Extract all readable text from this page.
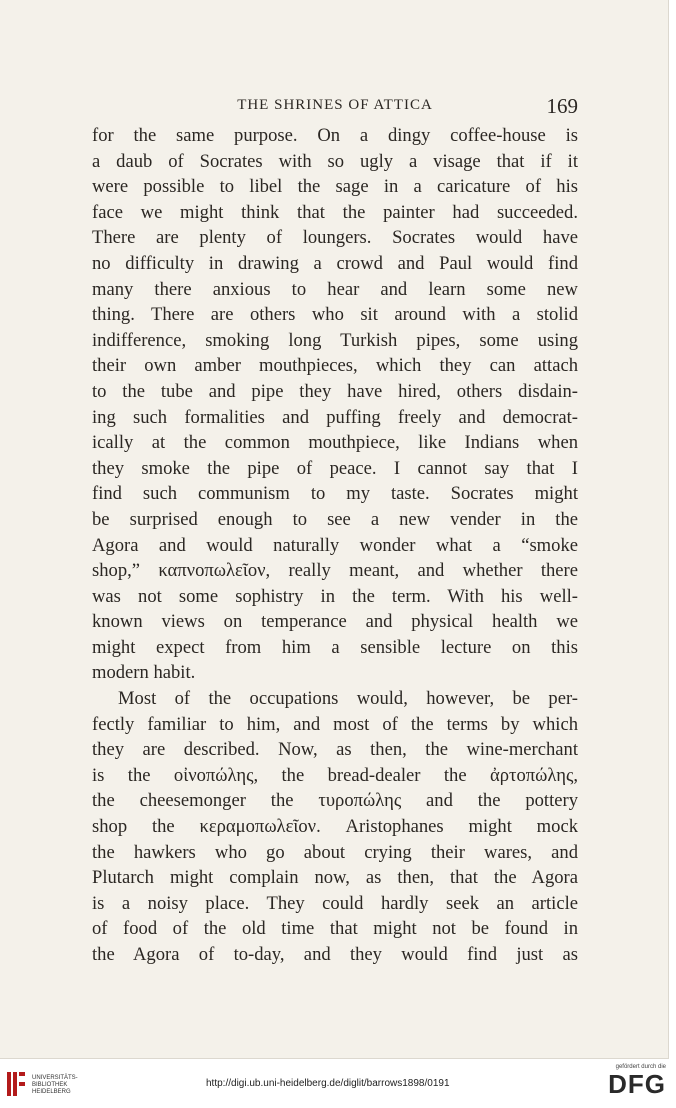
THE SHRINES OF ATTICA	169
for the same purpose. On a dingy coffee-house is
a daub of Socrates with so ugly a visage that if it
were possible to libel the sage in a caricature of his
face we might think that the painter had succeeded.
There are plenty of loungers. Socrates would have
no difficulty in drawing a crowd and Paul would find
many there anxious to hear and learn some new
thing. There are others who sit around with a stolid
indifference, smoking long Turkish pipes, some using
their own amber mouthpieces, which they can attach
to the tube and pipe they have hired, others disdain-
ing such formalities and puffing freely and democrat-
ically at the common mouthpiece, like Indians when
they smoke the pipe of peace. I cannot say that I
find such communism to my taste. Socrates might
be surprised enough to see a new vender in the
Agora and would naturally wonder what a “smoke
shop,” καπνοπωλεῖον, really meant, and whether there
was not some sophistry in the term. With his well-
known views on temperance and physical health we
might expect from him a sensible lecture on this
modern habit.
Most of the occupations would, however, be per-
fectly familiar to him, and most of the terms by which
they are described. Now, as then, the wine-merchant
is the οἰνοπώλης, the bread-dealer the ἀρτοπώλης,
the cheesemonger the τυροπώλης and the pottery
shop the κεραμοπωλεῖον. Aristophanes might mock
the hawkers who go about crying their wares, and
Plutarch might complain now, as then, that the Agora
is a noisy place. They could hardly seek an article
of food of the old time that might not be found in
the Agora of to-day, and they would find just as
UNIVERSITÄTS-
BIBLIOTHEK
HEIDELBERG
http://digi.ub.uni-heidelberg.de/diglit/barrows1898/0191
gefördert durch die
DFG
